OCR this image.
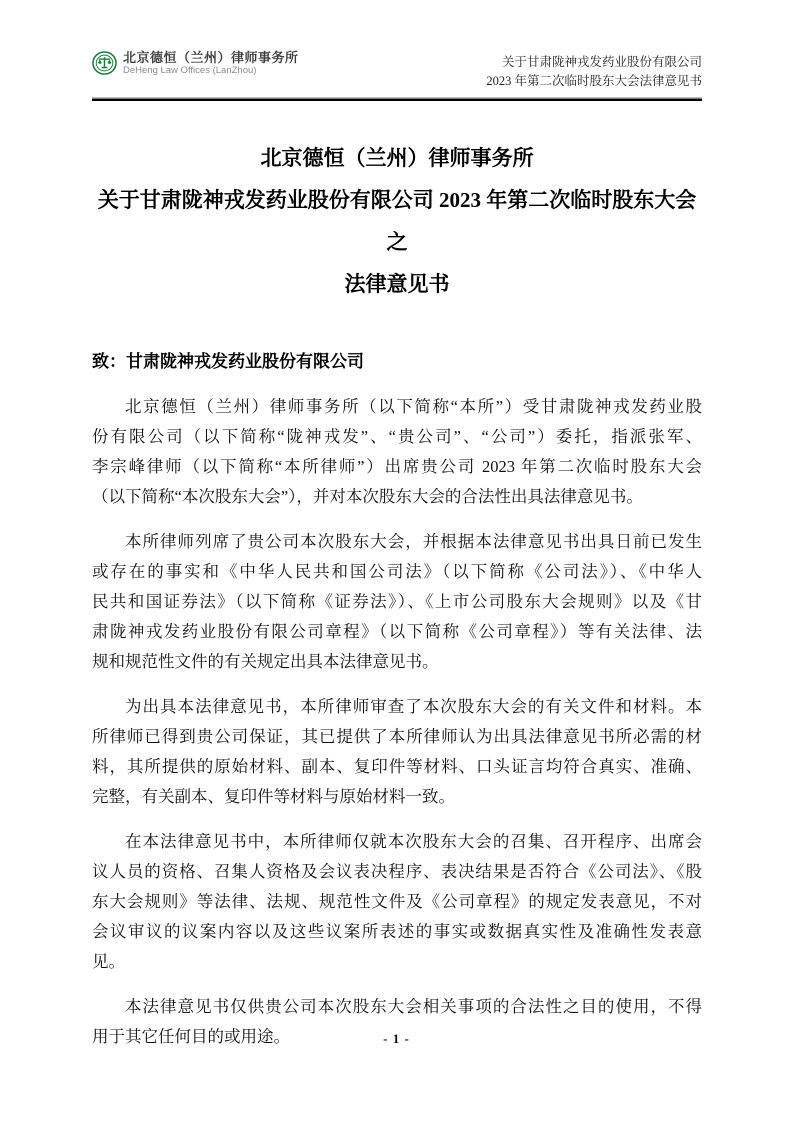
北京德恒（兰州）律师事务所
DeHeng Law Offices (LanZhou)
关于甘肃陇神戎发药业股份有限公司
2023 年第二次临时股东大会法律意见书
北京德恒（兰州）律师事务所
关于甘肃陇神戎发药业股份有限公司 2023 年第二次临时股东大会之
法律意见书
致：甘肃陇神戎发药业股份有限公司
北京德恒（兰州）律师事务所（以下简称“本所”）受甘肃陇神戎发药业股
份有限公司（以下简称“陇神戎发”、“贵公司”、“公司”）委托，指派张军、
李宗峰律师（以下简称“本所律师”）出席贵公司 2023 年第二次临时股东大会
（以下简称“本次股东大会”），并对本次股东大会的合法性出具法律意见书。
本所律师列席了贵公司本次股东大会，并根据本法律意见书出具日前已发生
或存在的事实和《中华人民共和国公司法》（以下简称《公司法》）、《中华人
民共和国证券法》（以下简称《证券法》）、《上市公司股东大会规则》以及《甘
肃陇神戎发药业股份有限公司章程》（以下简称《公司章程》）等有关法律、法
规和规范性文件的有关规定出具本法律意见书。
为出具本法律意见书，本所律师审查了本次股东大会的有关文件和材料。本
所律师已得到贵公司保证，其已提供了本所律师认为出具法律意见书所必需的材
料，其所提供的原始材料、副本、复印件等材料、口头证言均符合真实、准确、
完整，有关副本、复印件等材料与原始材料一致。
在本法律意见书中，本所律师仅就本次股东大会的召集、召开程序、出席会
议人员的资格、召集人资格及会议表决程序、表决结果是否符合《公司法》、《股
东大会规则》等法律、法规、规范性文件及《公司章程》的规定发表意见，不对
会议审议的议案内容以及这些议案所表述的事实或数据真实性及准确性发表意
见。
本法律意见书仅供贵公司本次股东大会相关事项的合法性之目的使用，不得
用于其它任何目的或用途。	- 1 -
